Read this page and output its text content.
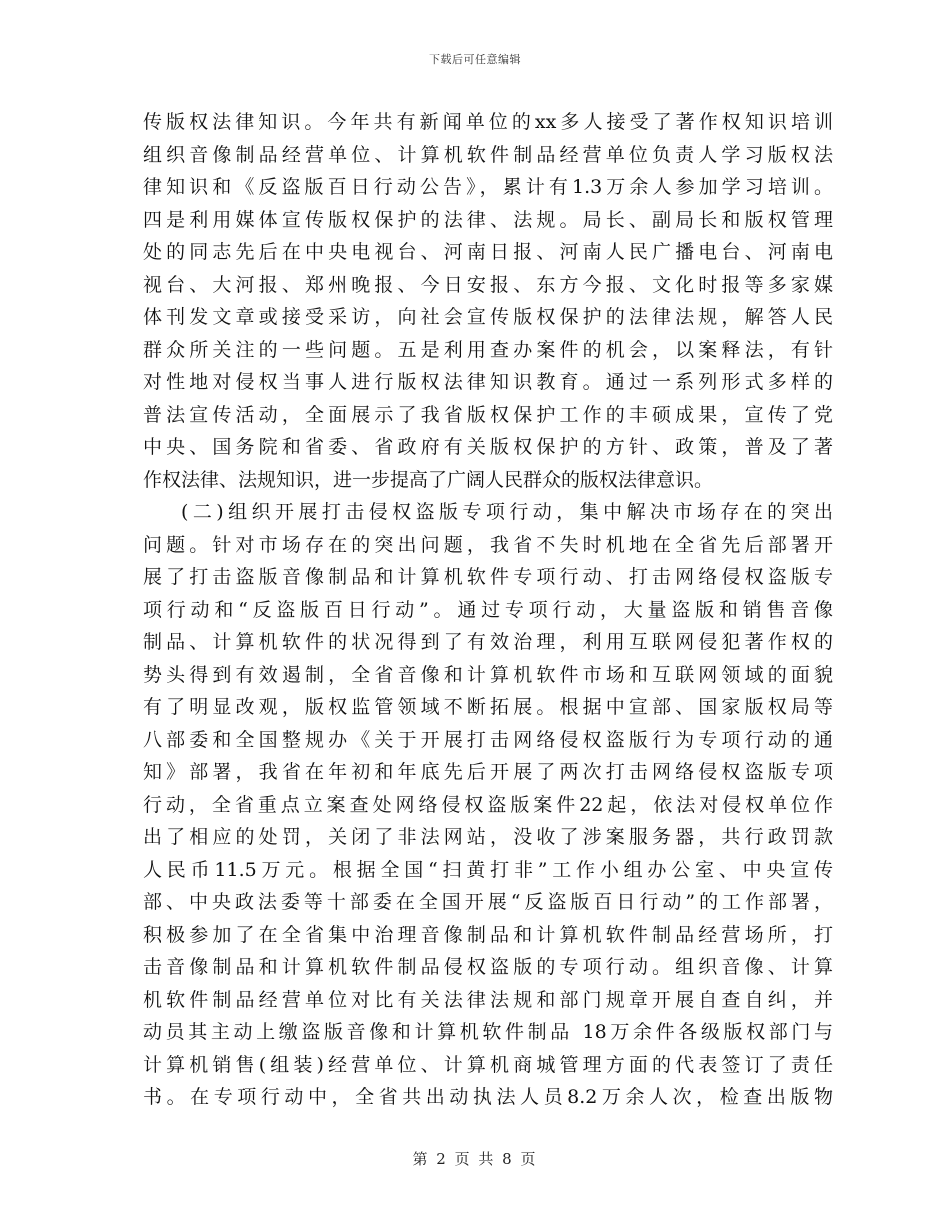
下载后可任意编辑
传版权法律知识。今年共有新闻单位的xx多人接受了著作权知识培训
组织音像制品经营单位、计算机软件制品经营单位负责人学习版权法
律知识和《反盗版百日行动公告》，累计有1.3万余人参加学习培训。
四是利用媒体宣传版权保护的法律、法规。局长、副局长和版权管理
处的同志先后在中央电视台、河南日报、河南人民广播电台、河南电
视台、大河报、郑州晚报、今日安报、东方今报、文化时报等多家媒
体刊发文章或接受采访，向社会宣传版权保护的法律法规，解答人民
群众所关注的一些问题。五是利用查办案件的机会，以案释法，有针
对性地对侵权当事人进行版权法律知识教育。通过一系列形式多样的
普法宣传活动，全面展示了我省版权保护工作的丰硕成果，宣传了党
中央、国务院和省委、省政府有关版权保护的方针、政策，普及了著
作权法律、法规知识，进一步提高了广阔人民群众的版权法律意识。
(二)组织开展打击侵权盗版专项行动，集中解决市场存在的突出
问题。针对市场存在的突出问题，我省不失时机地在全省先后部署开
展了打击盗版音像制品和计算机软件专项行动、打击网络侵权盗版专
项行动和“反盗版百日行动”。通过专项行动，大量盗版和销售音像
制品、计算机软件的状况得到了有效治理，利用互联网侵犯著作权的
势头得到有效遏制，全省音像和计算机软件市场和互联网领域的面貌
有了明显改观，版权监管领域不断拓展。根据中宣部、国家版权局等
八部委和全国整规办《关于开展打击网络侵权盗版行为专项行动的通
知》部署，我省在年初和年底先后开展了两次打击网络侵权盗版专项
行动，全省重点立案查处网络侵权盗版案件22起，依法对侵权单位作
出了相应的处罚，关闭了非法网站，没收了涉案服务器，共行政罚款
人民币11.5万元。根据全国“扫黄打非”工作小组办公室、中央宣传
部、中央政法委等十部委在全国开展“反盗版百日行动”的工作部署，
积极参加了在全省集中治理音像制品和计算机软件制品经营场所，打
击音像制品和计算机软件制品侵权盗版的专项行动。组织音像、计算
机软件制品经营单位对比有关法律法规和部门规章开展自查自纠，并
动员其主动上缴盗版音像和计算机软件制品 18万余件各级版权部门与
计算机销售(组装)经营单位、计算机商城管理方面的代表签订了责任
书。在专项行动中，全省共出动执法人员8.2万余人次，检查出版物
第 2 页 共 8 页
